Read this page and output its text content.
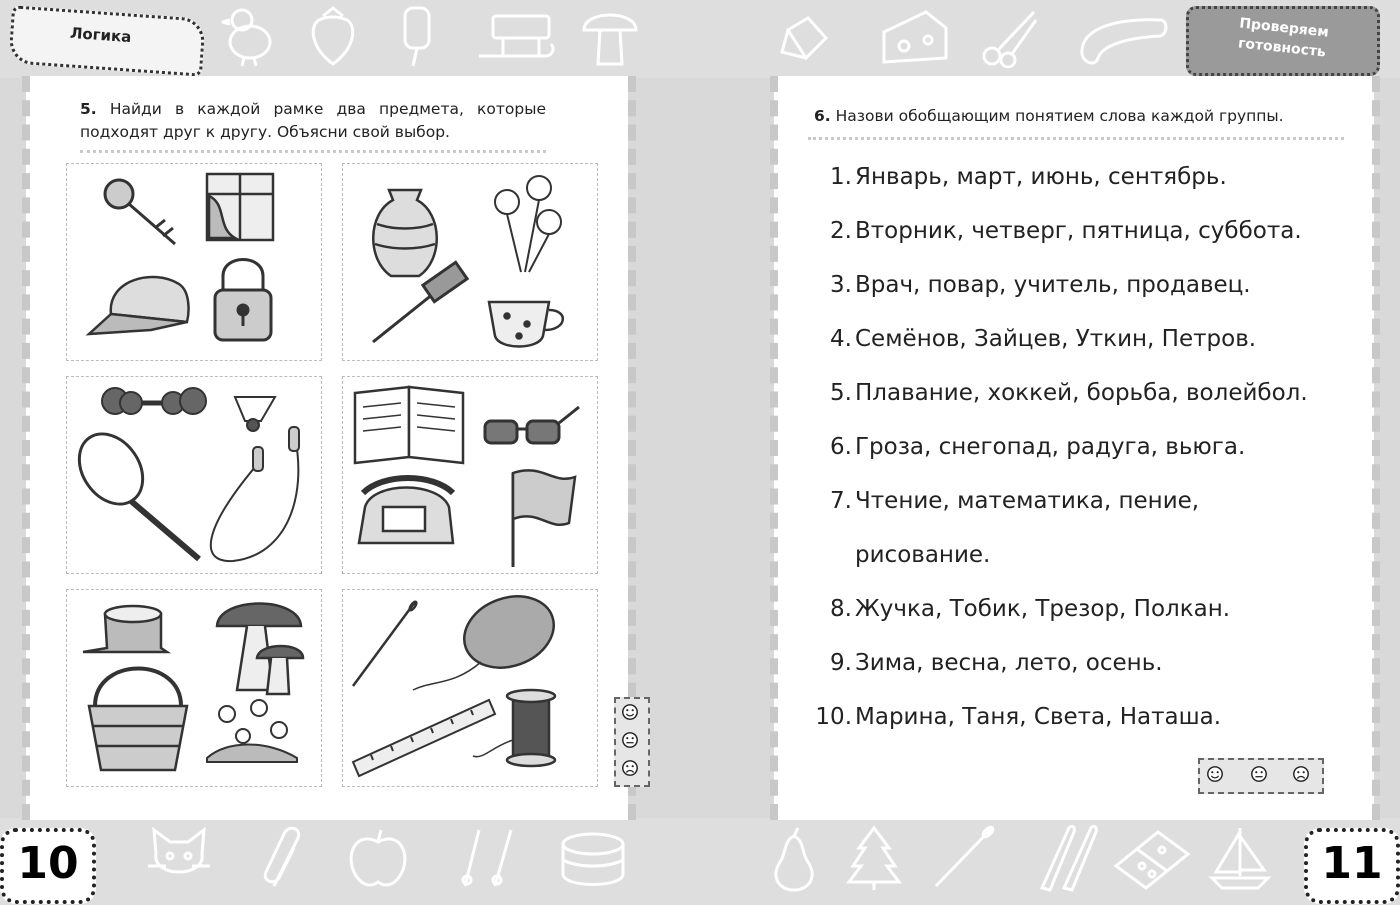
Логика	Проверяем готовность
10	11
5. Найди в каждой рамке два предмета, которые подходят друг к другу. Объясни свой выбор.
6. Назови обобщающим понятием слова каждой группы.
1. Январь, март, июнь, сентябрь.
2. Вторник, четверг, пятница, суббота.
3. Врач, повар, учитель, продавец.
4. Семёнов, Зайцев, Уткин, Петров.
5. Плавание, хоккей, борьба, волейбол.
6. Гроза, снегопад, радуга, вьюга.
7. Чтение, математика, пение,
рисование.
8. Жучка, Тобик, Трезор, Полкан.
9. Зима, весна, лето, осень.
10. Марина, Таня, Света, Наташа.
